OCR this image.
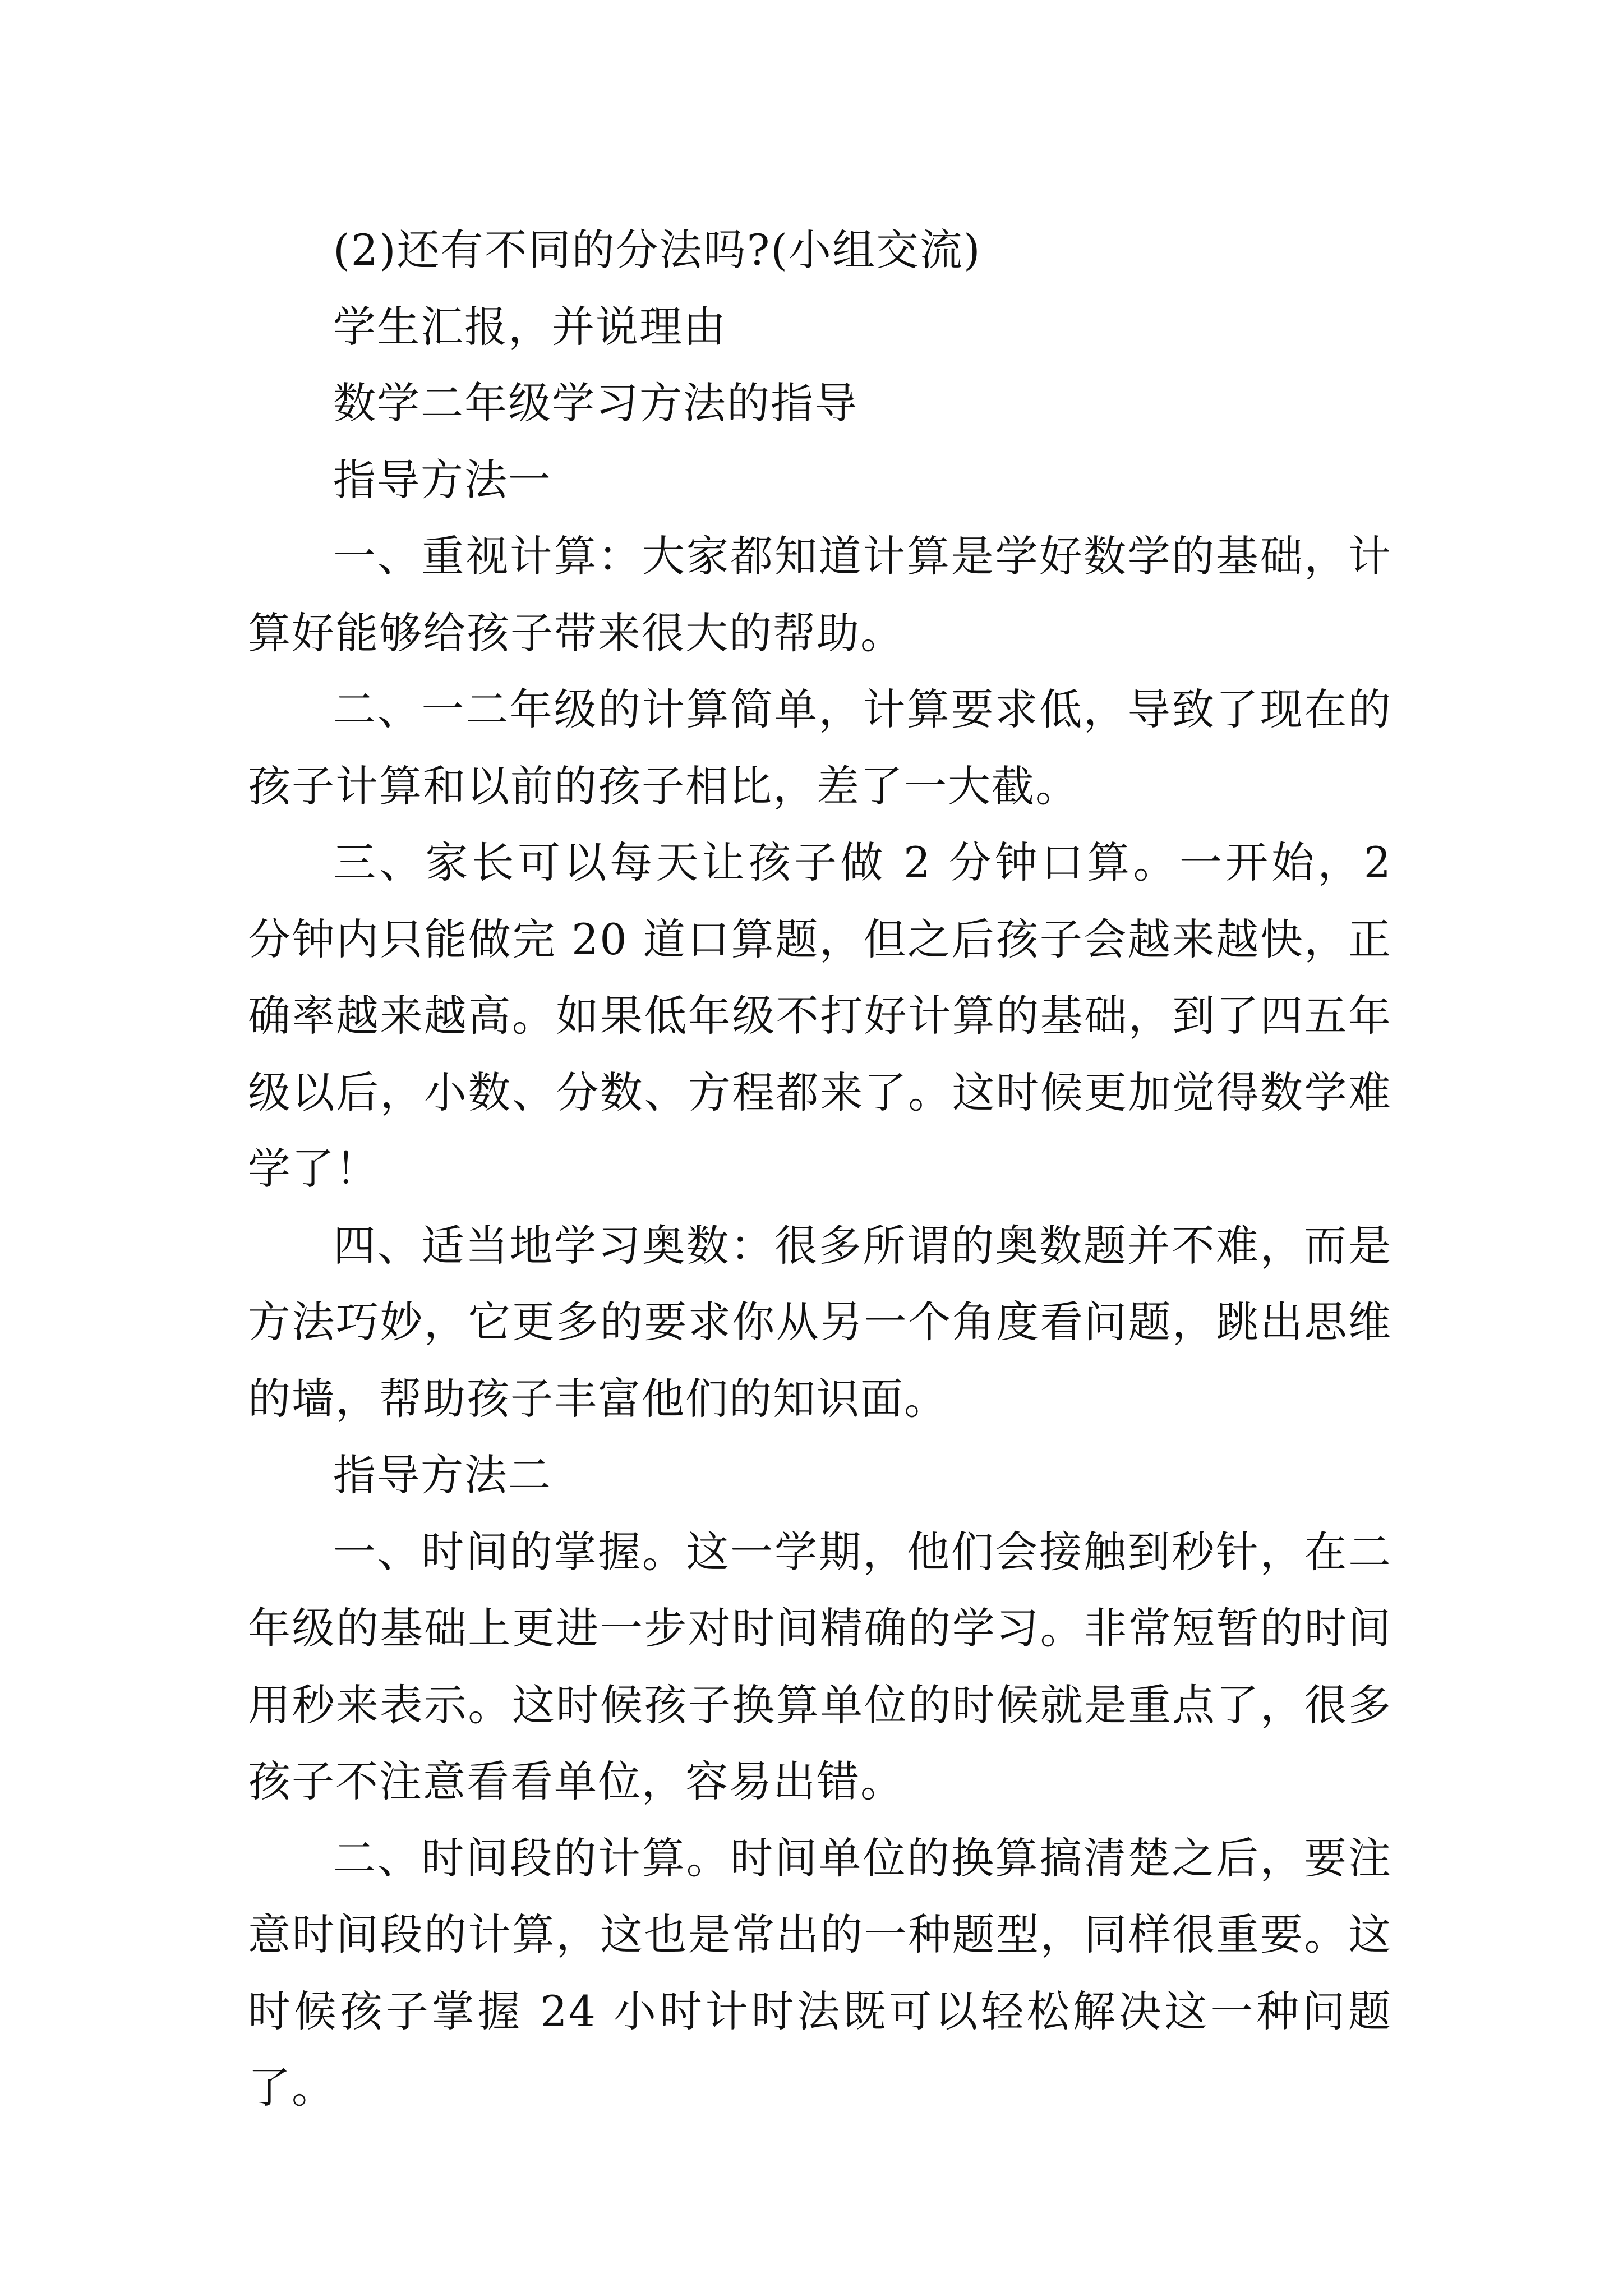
(2)还有不同的分法吗?(小组交流)

学生汇报，并说理由

数学二年级学习方法的指导

指导方法一

一、重视计算：大家都知道计算是学好数学的基础，计算好能够给孩子带来很大的帮助。

二、一二年级的计算简单，计算要求低，导致了现在的孩子计算和以前的孩子相比，差了一大截。

三、家长可以每天让孩子做 2 分钟口算。一开始，2 分钟内只能做完 20 道口算题，但之后孩子会越来越快，正确率越来越高。如果低年级不打好计算的基础，到了四五年级以后，小数、分数、方程都来了。这时候更加觉得数学难学了！

四、适当地学习奥数：很多所谓的奥数题并不难，而是方法巧妙，它更多的要求你从另一个角度看问题，跳出思维的墙，帮助孩子丰富他们的知识面。

指导方法二

一、时间的掌握。这一学期，他们会接触到秒针，在二年级的基础上更进一步对时间精确的学习。非常短暂的时间用秒来表示。这时候孩子换算单位的时候就是重点了，很多孩子不注意看看单位，容易出错。

二、时间段的计算。时间单位的换算搞清楚之后，要注意时间段的计算，这也是常出的一种题型，同样很重要。这时候孩子掌握 24 小时计时法既可以轻松解决这一种问题了。
